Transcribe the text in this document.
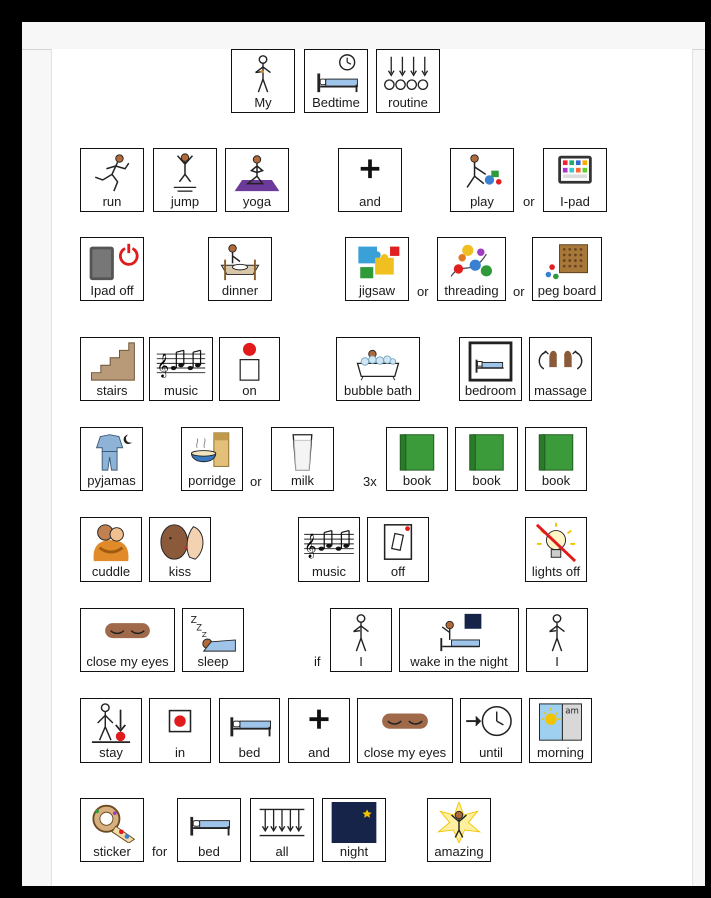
My	Bedtime	routine
run	jump	yoga	and	play	or	I-pad
Ipad off	dinner	jigsaw	or	threading	or	peg board
stairs
𝄞
music	on	bubble bath	bedroom	massage
pyjamas	porridge	or	milk	3x	book	book	book
cuddle	kiss
𝄞
music	off	lights off
close my eyes
Z
Z
Z
sleep	if	I	wake in the night	I
stay	in	bed	and	close my eyes	until
am
morning
sticker	for	bed	all	night	amazing
